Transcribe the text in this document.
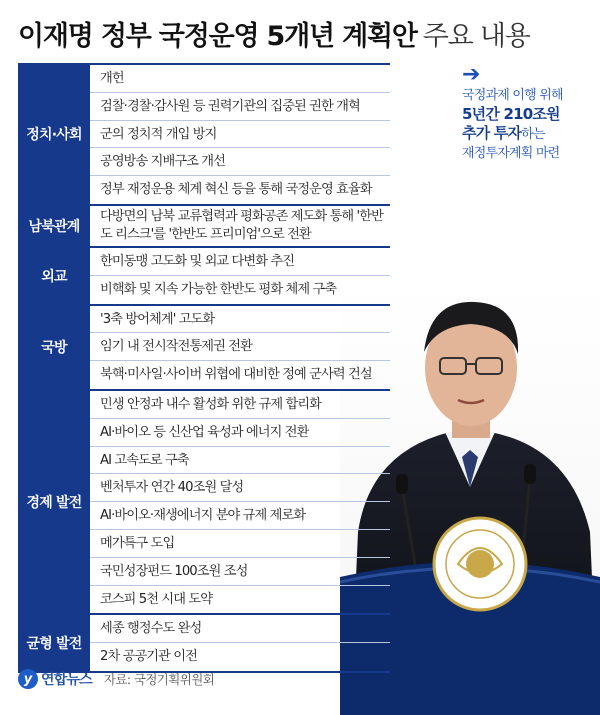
이재명 정부 국정운영 5개년 계획안 주요 내용
➔
국정과제 이행 위해
5년간 210조원
추가 투자하는
재정투자계획 마련
정치·사회
개헌
검찰·경찰·감사원 등 권력기관의 집중된 권한 개혁
군의 정치적 개입 방지
공영방송 지배구조 개선
정부 재정운용 체계 혁신 등을 통해 국정운영 효율화
남북관계
다방면의 남북 교류협력과 평화공존 제도화 통해 '한반도 리스크'를 '한반도 프리미엄'으로 전환
외교
한미동맹 고도화 및 외교 다변화 추진
비핵화 및 지속 가능한 한반도 평화 체제 구축
국방
'3축 방어체계' 고도화
임기 내 전시작전통제권 전환
북핵·미사일·사이버 위협에 대비한 정예 군사력 건설
경제 발전
민생 안정과 내수 활성화 위한 규제 합리화
AI·바이오 등 신산업 육성과 에너지 전환
AI 고속도로 구축
벤처투자 연간 40조원 달성
AI·바이오·재생에너지 분야 규제 제로화
메가특구 도입
국민성장펀드 100조원 조성
코스피 5천 시대 도약
균형 발전
세종 행정수도 완성
2차 공공기관 이전
y 연합뉴스 자료: 국정기획위원회
